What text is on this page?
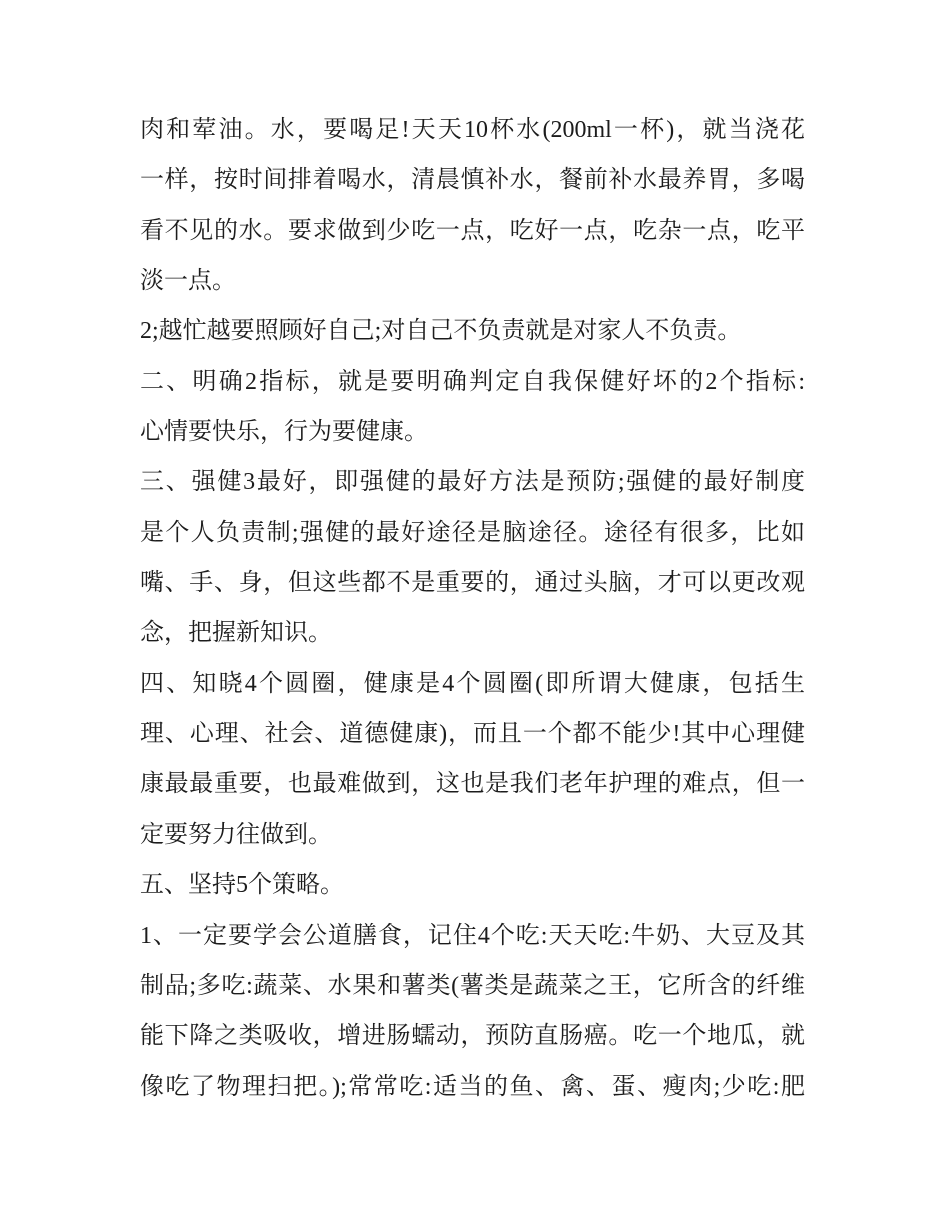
肉和荤油。水，要喝足!天天10杯水(200ml一杯)，就当浇花

一样，按时间排着喝水，清晨慎补水，餐前补水最养胃，多喝

看不见的水。要求做到少吃一点，吃好一点，吃杂一点，吃平

淡一点。

2;越忙越要照顾好自己;对自己不负责就是对家人不负责。

二、明确2指标，就是要明确判定自我保健好坏的2个指标:

心情要快乐，行为要健康。

三、强健3最好，即强健的最好方法是预防;强健的最好制度

是个人负责制;强健的最好途径是脑途径。途径有很多，比如

嘴、手、身，但这些都不是重要的，通过头脑，才可以更改观

念，把握新知识。

四、知晓4个圆圈，健康是4个圆圈(即所谓大健康，包括生

理、心理、社会、道德健康)，而且一个都不能少!其中心理健

康最最重要，也最难做到，这也是我们老年护理的难点，但一

定要努力往做到。

五、坚持5个策略。

1、一定要学会公道膳食，记住4个吃:天天吃:牛奶、大豆及其

制品;多吃:蔬菜、水果和薯类(薯类是蔬菜之王，它所含的纤维

能下降之类吸收，增进肠蠕动，预防直肠癌。吃一个地瓜，就

像吃了物理扫把。);常常吃:适当的鱼、禽、蛋、瘦肉;少吃:肥
